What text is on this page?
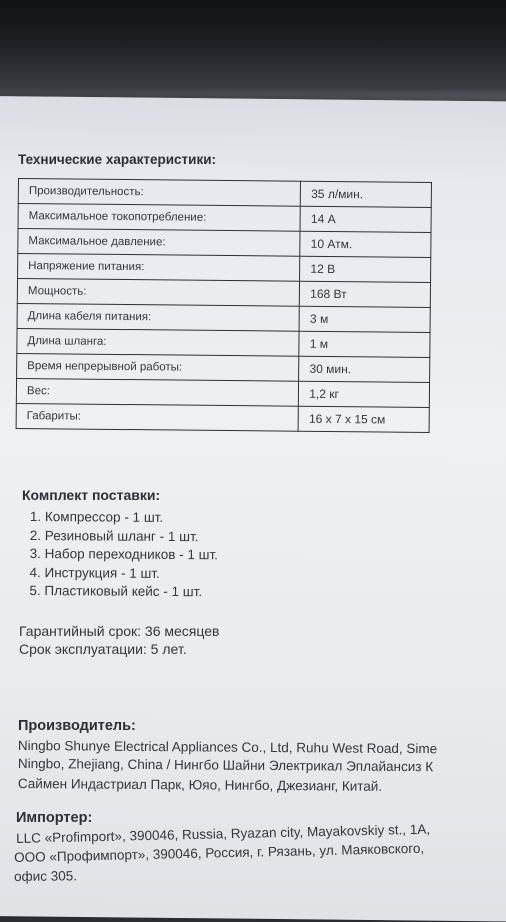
Технические характеристики:
Производительность:	35 л/мин.
Максимальное токопотребление:	14 А
Максимальное давление:	10 Атм.
Напряжение питания:	12 В
Мощность:	168 Вт
Длина кабеля питания:	3 м
Длина шланга:	1 м
Время непрерывной работы:	30 мин.
Вес:	1,2 кг
Габариты:	16 x 7 x 15 см
Комплект поставки:
1. Компрессор - 1 шт.
2. Резиновый шланг - 1 шт.
3. Набор переходников - 1 шт.
4. Инструкция - 1 шт.
5. Пластиковый кейс - 1 шт.
Гарантийный срок: 36 месяцев
Срок эксплуатации: 5 лет.
Производитель:
Ningbo Shunye Electrical Appliances Co., Ltd, Ruhu West Road, Sime
Ningbo, Zhejiang, China / Нингбо Шайни Электрикал Эплайансиз К
Саймен Индастриал Парк, Юяо, Нингбо, Джезианг, Китай.
Импортер:
LLC «Profimport», 390046, Russia, Ryazan city, Mayakovskiy st., 1A,
ООО «Профимпорт», 390046, Россия, г. Рязань, ул. Маяковского,
офис 305.
